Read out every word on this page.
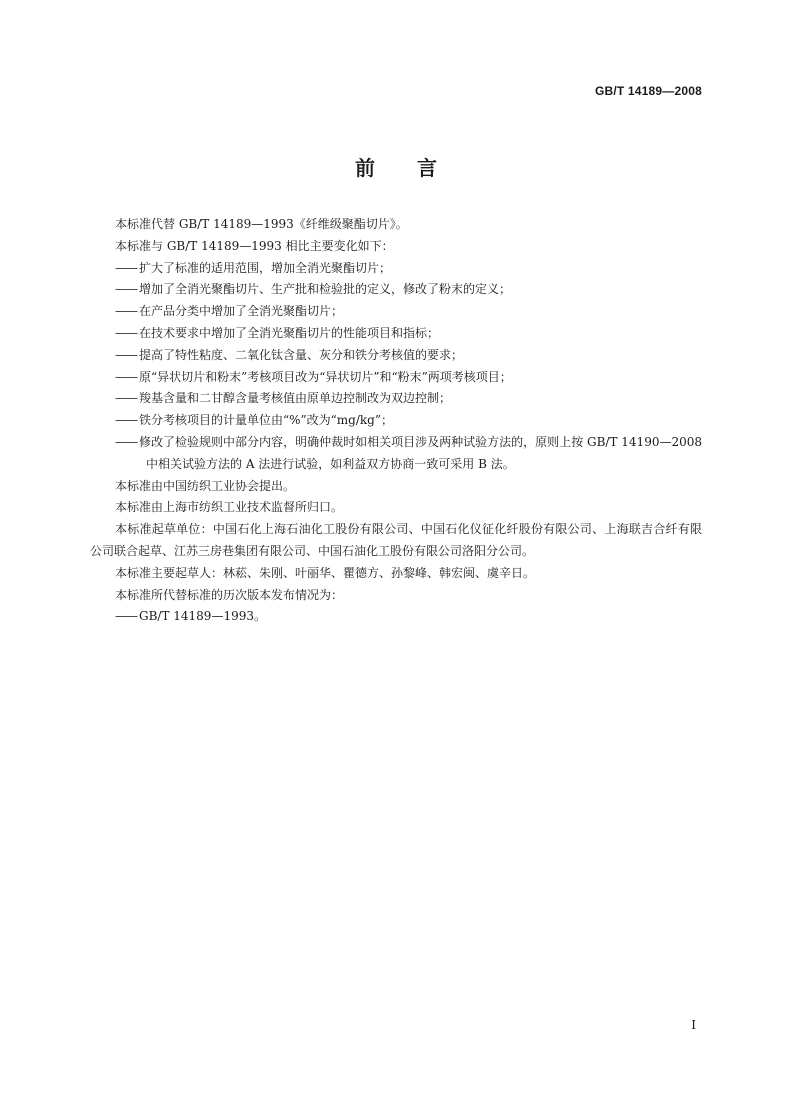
GB/T 14189—2008
前 言
本标准代替 GB/T 14189—1993《纤维级聚酯切片》。
本标准与 GB/T 14189—1993 相比主要变化如下：
—— 扩大了标准的适用范围，增加全消光聚酯切片；
—— 增加了全消光聚酯切片、生产批和检验批的定义，修改了粉末的定义；
—— 在产品分类中增加了全消光聚酯切片；
—— 在技术要求中增加了全消光聚酯切片的性能项目和指标；
—— 提高了特性粘度、二氧化钛含量、灰分和铁分考核值的要求；
—— 原“异状切片和粉末”考核项目改为“异状切片”和“粉末”两项考核项目；
—— 羧基含量和二甘醇含量考核值由原单边控制改为双边控制；
—— 铁分考核项目的计量单位由“%”改为“mg/kg”；
—— 修改了检验规则中部分内容，明确仲裁时如相关项目涉及两种试验方法的，原则上按 GB/T 14190—2008 中相关试验方法的 A 法进行试验，如利益双方协商一致可采用 B 法。
本标准由中国纺织工业协会提出。
本标准由上海市纺织工业技术监督所归口。
本标准起草单位：中国石化上海石油化工股份有限公司、中国石化仪征化纤股份有限公司、上海联吉合纤有限公司联合起草、江苏三房巷集团有限公司、中国石油化工股份有限公司洛阳分公司。
本标准主要起草人：林菘、朱刚、叶丽华、瞿德方、孙黎峰、韩宏闽、虞辛日。
本标准所代替标准的历次版本发布情况为：
—— GB/T 14189—1993。
I
